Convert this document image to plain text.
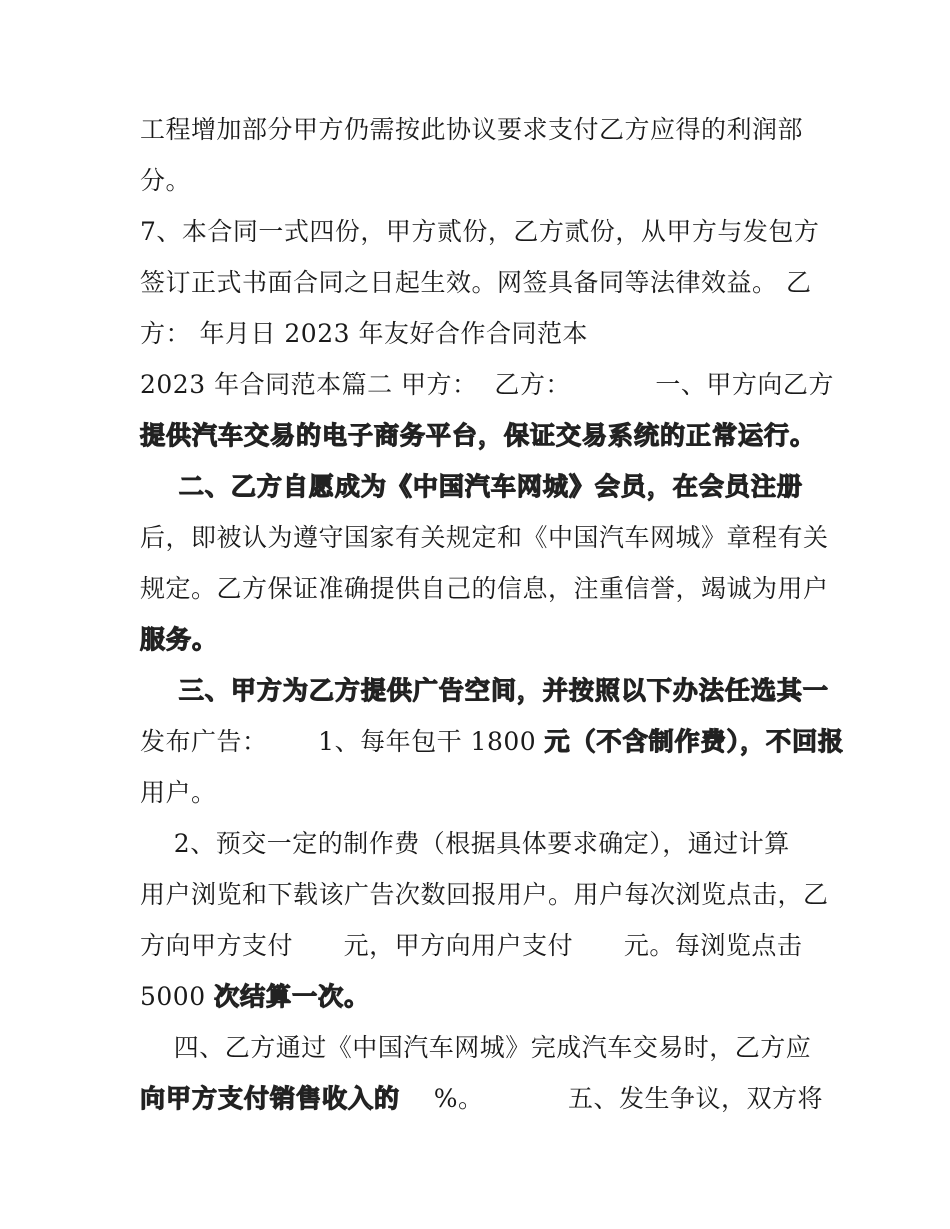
工程增加部分甲方仍需按此协议要求支付乙方应得的利润部
分。
7、本合同一式四份，甲方贰份，乙方贰份，从甲方与发包方
签订正式书面合同之日起生效。网签具备同等法律效益。 乙
方： 年月日 2023 年友好合作合同范本
2023 年合同范本篇二 甲方：  乙方：          一、甲方向乙方
提供汽车交易的电子商务平台，保证交易系统的正常运行。
二、乙方自愿成为《中国汽车网城》会员，在会员注册
后，即被认为遵守国家有关规定和《中国汽车网城》章程有关
规定。乙方保证准确提供自己的信息，注重信誉，竭诚为用户
服务。
三、甲方为乙方提供广告空间，并按照以下办法任选其一
发布广告：      1、每年包干 1800 元（不含制作费），不回报
用户。
2、预交一定的制作费（根据具体要求确定），通过计算
用户浏览和下载该广告次数回报用户。用户每次浏览点击，乙
方向甲方支付      元，甲方向用户支付      元。每浏览点击
5000 次结算一次。
四、乙方通过《中国汽车网城》完成汽车交易时，乙方应
向甲方支付销售收入的    %。          五、发生争议，双方将
